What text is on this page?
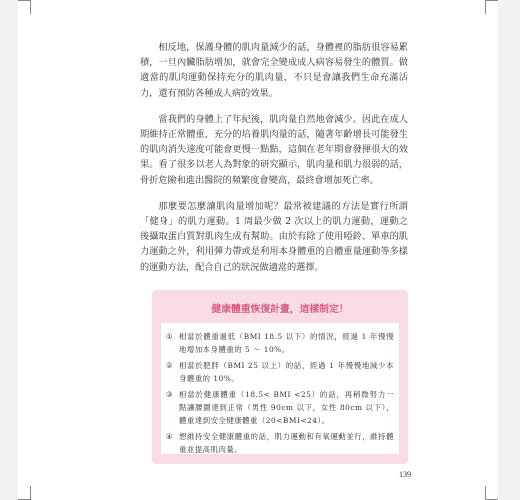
相反地，保護身體的肌肉量減少的話，身體裡的脂肪很容易累積，一旦內臟脂肪增加，就會完全變成成人病容易發生的體質。做適當的肌肉運動保持充分的肌肉量，不只是會讓我們生命充滿活力，還有預防各種成人病的效果。

當我們的身體上了年紀後，肌肉量自然地會減少。因此在成人期維持正常體重，充分的培養肌肉量的話，隨著年齡增長可能發生的肌肉消失速度可能會更慢一點點，這個在老年期會發揮很大的效果。看了很多以老人為對象的研究顯示，肌肉量和肌力很弱的話，骨折危險和進出醫院的頻繁度會變高，最終會增加死亡率。

那麼要怎麼讓肌肉量增加呢？最常被建議的方法是實行所謂「健身」的肌力運動。1 周最少做 2 次以上的肌力運動，運動之後攝取蛋白質對肌肉生成有幫助。由於有除了使用啞鈴、單車的肌力運動之外，利用彈力帶或是利用本身體重的自體重量運動等多樣的運動方法，配合自己的狀況做適當的選擇。

健康體重恢復計畫，這樣制定！
① 相當於體重過低（BMI 18.5 以下）的情況，經過 1 年慢慢地增加本身體重的 5 ～ 10%。
② 相當於肥胖（BMI 25 以上）的話，經過 1 年慢慢地減少本身體重的 10%。
③ 相當於健康體重（18.5< BMI <25）的話，再稍微努力一點讓腰圍達到正常（男性 90cm 以下，女性 80cm 以下），體重達到安全健康體重（20<BMI<24）。
④ 想維持安全健康體重的話，肌力運動和有氧運動並行，維持體重並提高肌肉量。
139
